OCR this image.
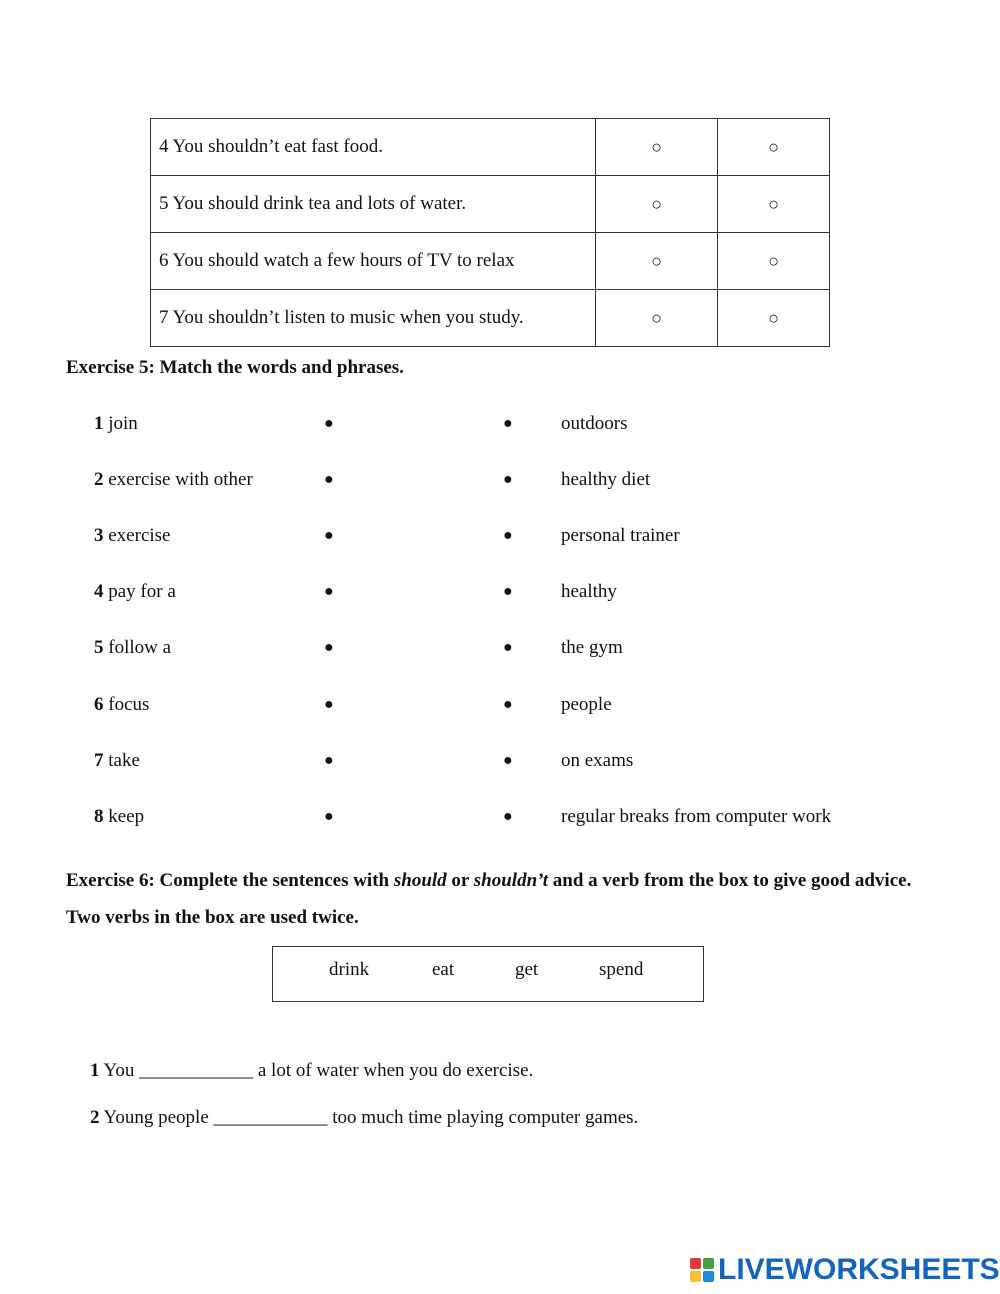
4 You shouldn’t eat fast food.	○	○
5 You should drink tea and lots of water.	○	○
6 You should watch a few hours of TV to relax	○	○
7 You shouldn’t listen to music when you study.	○	○
Exercise 5: Match the words and phrases.
1 join	●	●	outdoors
2 exercise with other	●	●	healthy diet
3 exercise	●	●	personal trainer
4 pay for a	●	●	healthy
5 follow a	●	●	the gym
6 focus	●	●	people
7 take	●	●	on exams
8 keep	●	●	regular breaks from computer work
Exercise 6: Complete the sentences with should or shouldn’t and a verb from the box to give good advice. Two verbs in the box are used twice.
drink	eat	get	spend
1 You ____________ a lot of water when you do exercise.
2 Young people ____________ too much time playing computer games.
LIVEWORKSHEETS
